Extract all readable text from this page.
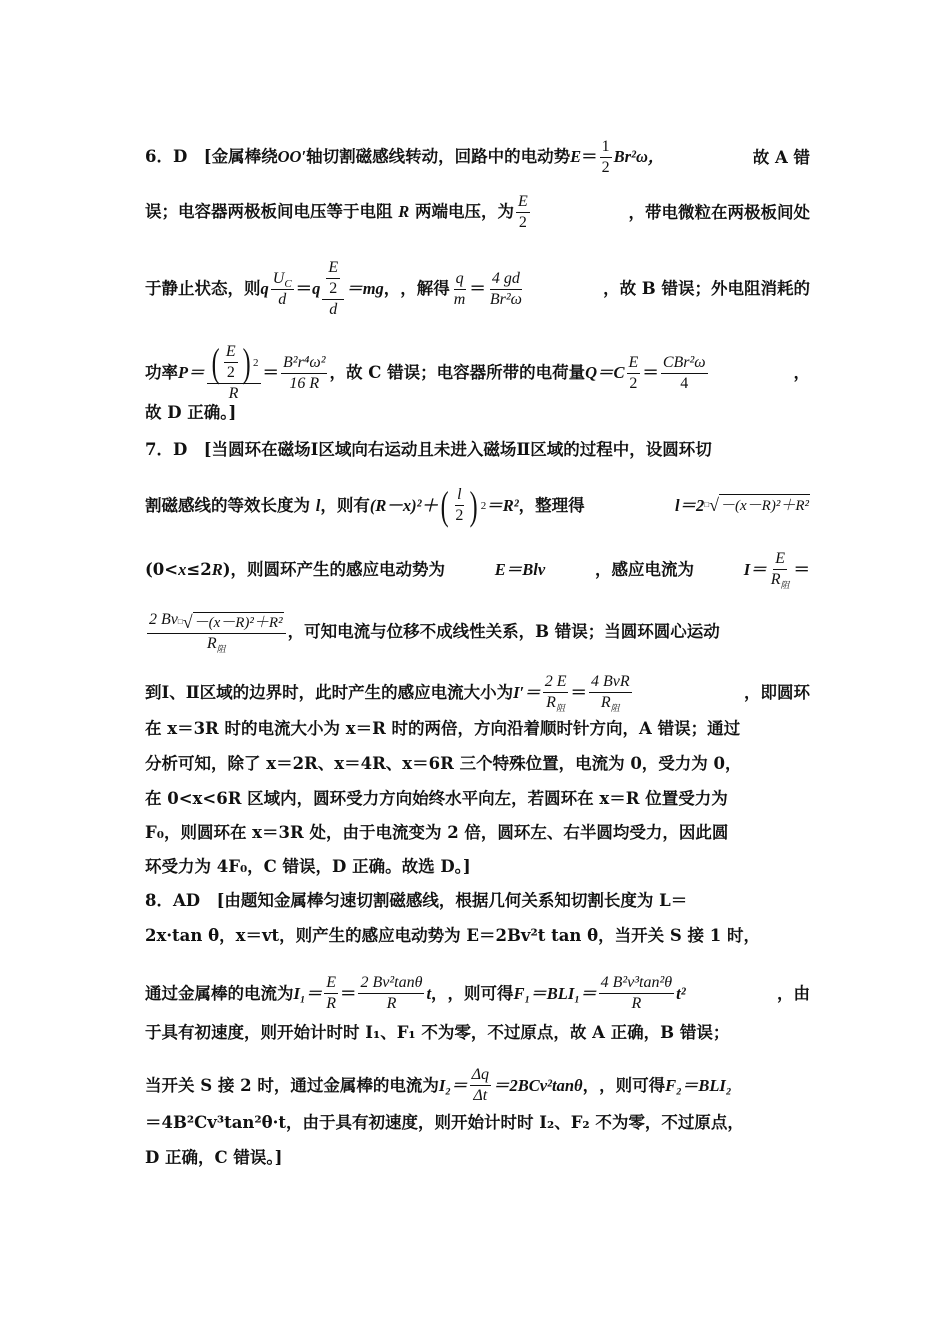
6．D　[金属棒绕OO′轴切割磁感线转动，回路中的电动势$E= \frac{1}{2} Br^2\omega$，	故 A 错
误；电容器两极板间电压等于电阻 R 两端电压，为 $\frac{E}{2}$	，带电微粒在两极板间处
于静止状态，则 q $\frac{U_C}{d} = q \frac{\frac{E}{2}}{d} =mg$ ， ，解得 $\frac{q}{m} = \frac{4 gd}{\text{Br²ω}}$	，故 B 错误；外电阻消耗的
功率 $P= \frac{( \frac{E}{2} ) 2}{R} = \frac{\text{B²r⁴ω²}}{16 R}$ ，故 C 错误；电容器所带的电荷量 $Q=C \frac{E}{2}$ ＝
CBr²ω
4
，
故 D 正确。]
7．D　[当圆环在磁场Ⅰ区域向右运动且未进入磁场Ⅱ区域的过程中，设圆环切
割磁感线的等效长度为
l ，则有 (R－x)²＋ ( $\frac{l}{2}$ ) 2 ＝R² ，整理得	l＝2 □ √ －(x－R)²＋R²
(0<x≤2R)，则圆环产生的感应电动势为	E＝Blv	，感应电流为	I＝
E
$R_阻$
＝
2 Bv □ √ －(x－R)²＋R²
$R_阻$
，可知电流与位移不成线性关系，B 错误；当圆环圆心运动
到Ⅰ、Ⅱ区域的边界时，此时产生的感应电流大小为 I′＝
2 E
$R_阻$
＝
4 BvR
$R_阻$
，即圆环
在 x＝3R 时的电流大小为 x＝R 时的两倍，方向沿着顺时针方向，A 错误；通过
分析可知，除了 x＝2R、x＝4R、x＝6R 三个特殊位置，电流为 0，受力为 0，
在 0<x<6R 区域内，圆环受力方向始终水平向左，若圆环在 x＝R 位置受力为
F₀，则圆环在 x＝3R 处，由于电流变为 2 倍，圆环左、右半圆均受力，因此圆
环受力为 4F₀，C 错误，D 正确。故选 D。]
8．AD　[由题知金属棒匀速切割磁感线，根据几何关系知切割长度为 L＝
2x·tan θ，x＝vt，则产生的感应电动势为 E＝2Bv²t tan θ，当开关 S 接 1 时，
通过金属棒的电流为 $I_1= \frac{E}{R} = \frac{\text{2 Bv²tanθ}}{R}$ t ， ，则可得 $F_1=BLI_1= \frac{\text{4 B²v³tan²θ}}{R} t^2$	，由
于具有初速度，则开始计时时 I₁、F₁ 不为零，不过原点，故 A 正确，B 错误；
当开关 S 接 2 时，通过金属棒的电流为 $I_2= \frac{\Delta q}{\Delta t} =2BCv^2\tan\theta$ ， ，则可得 F₂＝BLI₂
＝4B²Cv³tan²θ·t，由于具有初速度，则开始计时时 I₂、F₂ 不为零，不过原点，
D 正确，C 错误。]
